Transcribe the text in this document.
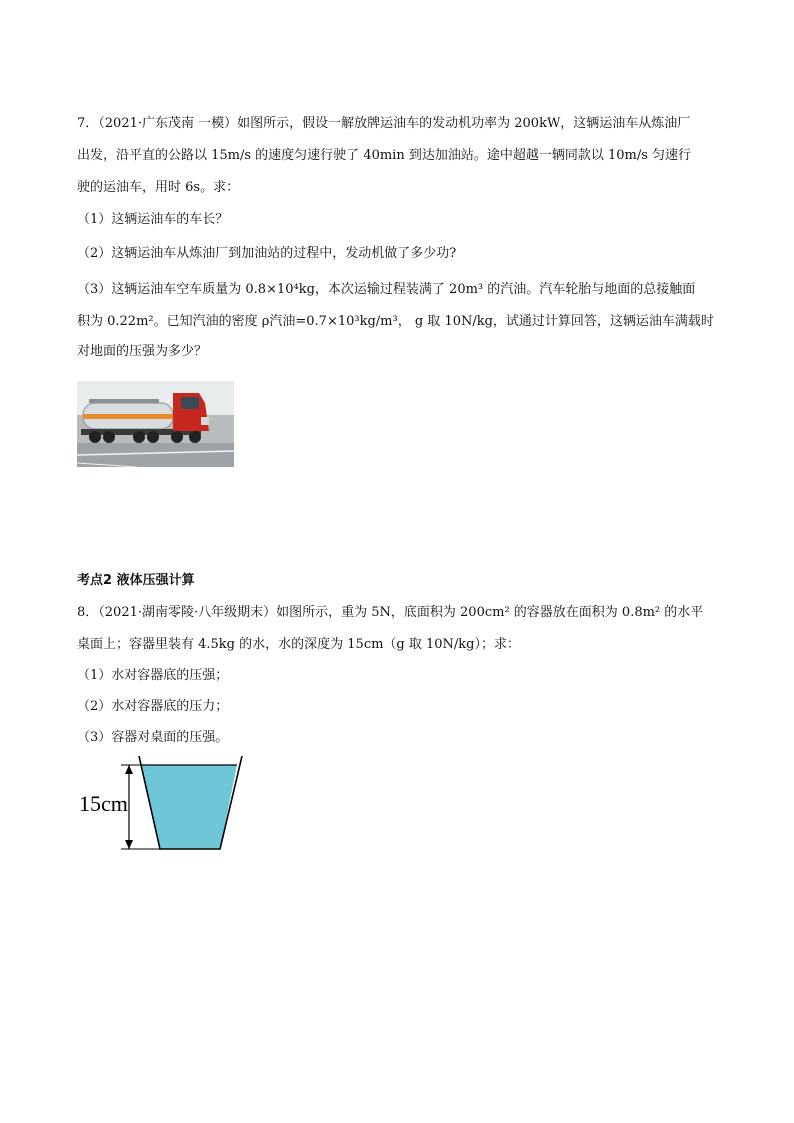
7．（2021·广东茂南 一模）如图所示，假设一解放牌运油车的发动机功率为 200kW，这辆运油车从炼油厂
出发，沿平直的公路以 15m/s 的速度匀速行驶了 40min 到达加油站。途中超越一辆同款以 10m/s 匀速行
驶的运油车，用时 6s。求：
（1）这辆运油车的车长？
（2）这辆运油车从炼油厂到加油站的过程中，发动机做了多少功?
（3）这辆运油车空车质量为 0.8×10⁴kg，本次运输过程装满了 20m³ 的汽油。汽车轮胎与地面的总接触面
积为 0.22m²。已知汽油的密度 ρ汽油=0.7×10³kg/m³， g 取 10N/kg，试通过计算回答，这辆运油车满载时
对地面的压强为多少？
考点2 液体压强计算
8．（2021·湖南零陵·八年级期末）如图所示，重为 5N，底面积为 200cm² 的容器放在面积为 0.8m² 的水平
桌面上；容器里装有 4.5kg 的水，水的深度为 15cm（g 取 10N/kg）；求：
（1）水对容器底的压强；
（2）水对容器底的压力；
（3）容器对桌面的压强。
15cm
